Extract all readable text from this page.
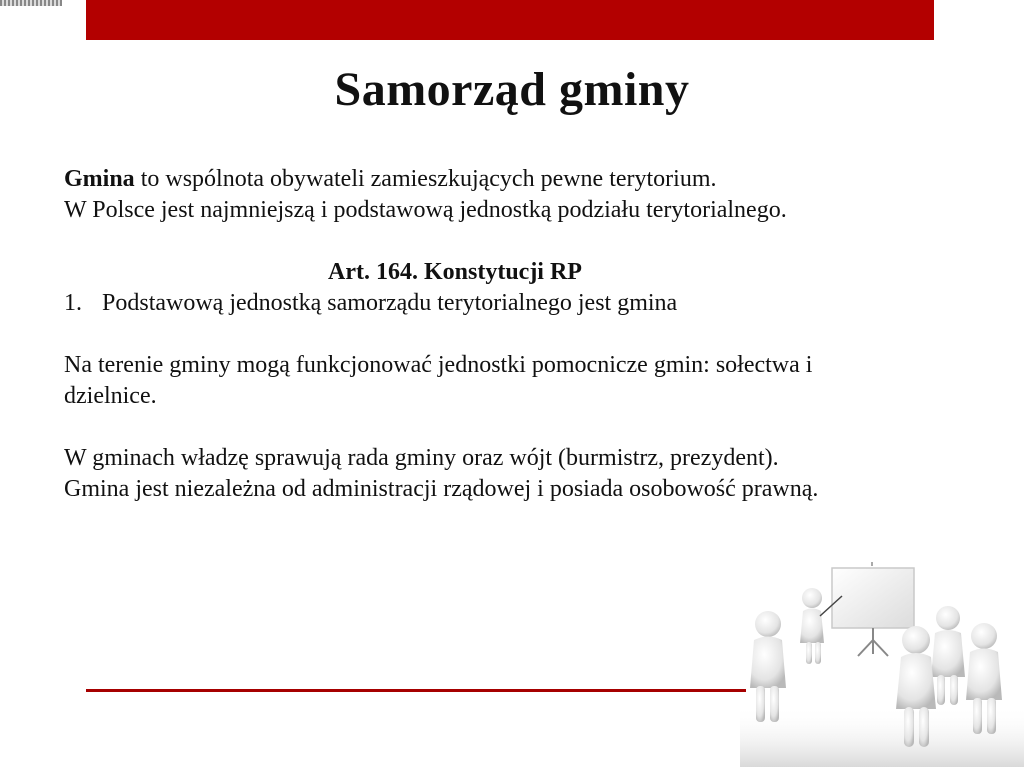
Samorząd gminy

Gmina to wspólnota obywateli zamieszkujących pewne terytorium.

W Polsce jest najmniejszą i podstawową jednostką podziału terytorialnego.

Art. 164. Konstytucji RP

1. Podstawową jednostką samorządu terytorialnego jest gmina

Na terenie gminy mogą funkcjonować jednostki pomocnicze gmin: sołectwa i

dzielnice.

W gminach władzę sprawują rada gminy oraz wójt (burmistrz, prezydent).

Gmina jest niezależna od administracji rządowej i posiada osobowość prawną.
